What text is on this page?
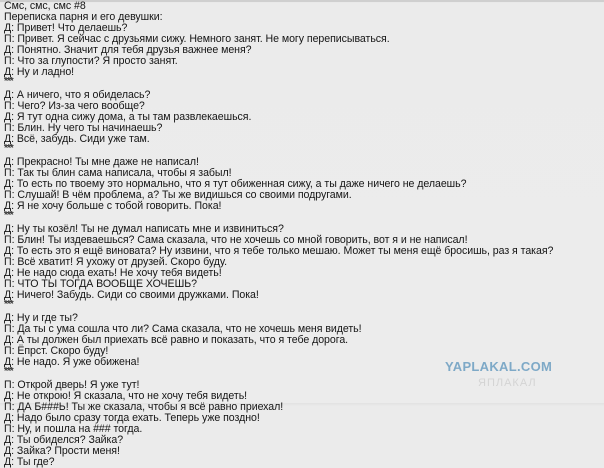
Смс, смс, смс #8
Переписка парня и его девушки:
Д: Привет! Что делаешь?
П: Привет. Я сейчас с друзьями сижу. Немного занят. Не могу переписываться.
Д: Понятно. Значит для тебя друзья важнее меня?
П: Что за глупости? Я просто занят.
Д: Ну и ладно!
***
Д: А ничего, что я обиделась?
П: Чего? Из-за чего вообще?
Д: Я тут одна сижу дома, а ты там развлекаешься.
П: Блин. Ну чего ты начинаешь?
Д: Всё, забудь. Сиди уже там.
***
Д: Прекрасно! Ты мне даже не написал!
П: Так ты блин сама написала, чтобы я забыл!
Д: То есть по твоему это нормально, что я тут обиженная сижу, а ты даже ничего не делаешь?
П: Слушай! В чём проблема, а? Ты же видишься со своими подругами.
Д: Я не хочу больше с тобой говорить. Пока!
***
Д: Ну ты козёл! Ты не думал написать мне и извиниться?
П: Блин! Ты издеваешься? Сама сказала, что не хочешь со мной говорить, вот я и не написал!
Д: То есть это я ещё виновата? Ну извини, что я тебе только мешаю. Может ты меня ещё бросишь, раз я такая?
П: Всё хватит! Я ухожу от друзей. Скоро буду.
Д: Не надо сюда ехать! Не хочу тебя видеть!
П: ЧТО ТЫ ТОГДА ВООБЩЕ ХОЧЕШЬ?
Д: Ничего! Забудь. Сиди со своими дружками. Пока!
***
Д: Ну и где ты?
П: Да ты с ума сошла что ли? Сама сказала, что не хочешь меня видеть!
Д: А ты должен был приехать всё равно и показать, что я тебе дорога.
П: Ёпрст. Скоро буду!
Д: Не надо. Я уже обижена!
***
П: Открой дверь! Я уже тут!
Д: Не открою! Я сказала, что не хочу тебя видеть!
П: ДА Б###Ь! Ты же сказала, чтобы я всё равно приехал!
Д: Надо было сразу тогда ехать. Теперь уже поздно!
П: Ну, и пошла на ### тогда.
Д: Ты обиделся? Зайка?
Д: Зайка? Прости меня!
Д: Ты где?
YAPLAKAL.COM
ЯПЛАКАЛ
